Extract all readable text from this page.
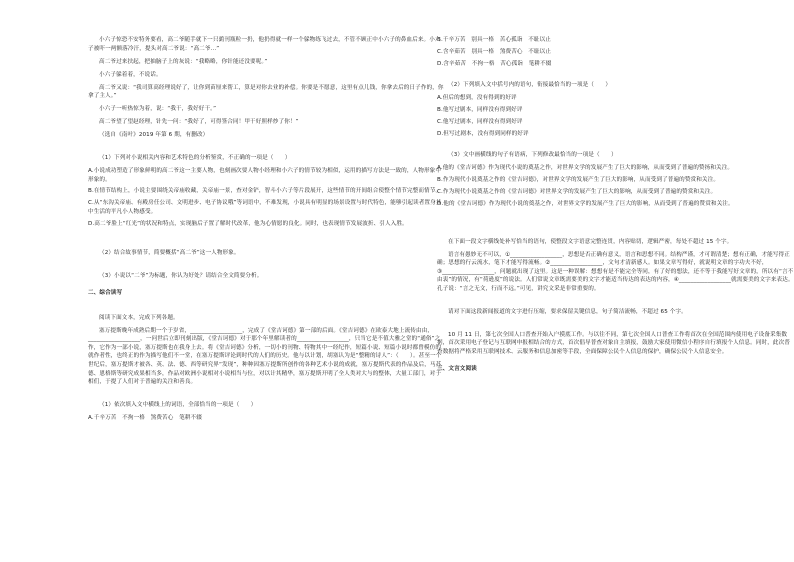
小六子惊恐不安特务要看，高二爷随手就下一只鹞刊瓶粒一扔，他扔得就一样一个躲物练飞过去，不管不顾正中小六子的鼻血后来。小六子被吓一两额落冷汗，提头对高二爷说：“高二爷…”

高二爷过来扶起，把抽脑子上的灰说：“我略略，你针能还没要呢。”

小六子躲着着，不说话。

高二爷又说：“我司算高经理说好了，让你到苗厘来帮工，算是对你去业的补偿。你要是不愿意，这里有点儿钱，你拿去后的日子作的，你拿了主人。”

小六子一听热惊为着，说：“我干，我好好干。”

高二爷望了望赵经理，针先一问：“我好了，可得签合同！甲干好照样炒了你！”

（选自《南叶》2019 年第 6 期，有删改）

（1）下列对小说相关内容和艺术特色的分析鉴赏，不正确的一项是（　　）

A.小说成功塑造了形象鲜明的高二爷这一主要人物，也刻画次要人物小经理和小六子的情节较为相似，运用的描写方法是一致的，人物形象中形象的。

B.在情节结构上，小说主要围绕关帝庙收藏，关帝庙一景，查对金铲，智斗小六子等片段展开，这些情节的开间组合使整个情节完整而情节。

C.从“东沟关帝庙、有殿房任公司、文明进步、电子协议哦”等词语中，不难发现，小说具有明显的场景设置与时代特色，能够引起读者置身其中生活的平凡小人物感受。

D.高二爷脸上“红光”的状况和特点，实现脑后子置了解时代改革，他为心情愿的良化。同时，也表现情节发展波折、引人入胜。

（2）结合故事情节，简要概括“高二爷”这一人物形象。

（3）小说以“二爷”为标题，你认为好处？请结合全文简要分析。

二、综合读写

阅读下面文本，完成下列各题。

塞万提斯晚年成熟后期一个于岁省，__________________，完成了《堂吉诃德》第一部的后面。《堂吉诃德》在欧泰大地上流传由由，__________________，一问世后立即刊刻出版，《堂吉诃德》对于那个年里解读者的__________________，只当它是不值大雅之堂的“通俗”之作，它作为一部小说，塞万提斯也在我身上去。将《堂吉诃德》分析，一切小的刊物、特物其中一经纪作，短篇小说、短篇小说时都曾模仿的就作者性，也终正的作为描写他们不一堂，在塞万提斯评论到时代的人们的历史。他与以计划，胡塞认为是“整精的诗人”：（　　）。甚至一个世纪后，塞万提斯才被各、英、法、德、西等研究界“发现”，种种因塞万提斯所创作的各种艺术小说的成就，塞万提斯代表的作品及后，马苏德、恩格斯等研究成果相当多，作品对欧洲小说相对小说相当与位，对以计其精华，塞万提斯开明了全人类对大与的整体，大量工部门，对于相们，于提了人们对于普遍的关注和善良。

（1）依次填入文中横线上的词语，全部恰当的一项是（　　）

A.千辛万苦　不拘一格　煞费苦心　笔耕不辍

B.千辛万苦　别具一格　苦心孤诣　不耻以止

C.含辛茹苦　别具一格　煞费苦心　不耻以止

D.含辛茹苦　不拘一格　苦心孤诣　笔耕不辍

（2）下列填入文中括号内的语句，衔接最恰当的一项是（　　）

A.但后的想到，没有得到的好评

B.他写过剧本，同样没有得到好评

C.他写过剧本，同样没有得到好评

D.但写过剧本，没有得到同样的好评

（3）文中画横线的句子有语病，下列修改最恰当的一项是（　　）

A.他的《堂吉诃德》作为现代小说的奠基之作，对世界文学的发展产生了巨大的影响，从而受到了普遍的赞扬和关注。

B.作为现代小说奠基之作的《堂吉诃德》，对世界文学的发展产生了巨大的影响，从而受到了普遍的赞赏和关注。

C.作为现代小说奠基之作的《堂吉诃德》对世界文学的发展产生了巨大的影响，从而受到了普遍的赞赏和关注。

D.他的《堂吉诃德》作为现代小说的奠基之作，对世界文学的发展产生了巨大的影响，从而受到了普遍的赞赏和关注。

在下面一段文字横线处补写恰当的语句，使整段文字语意完整连贯，内容贴切，逻辑严密，每处不超过 15 个字。

语言有愚妙无不可以，①__________________，思想是否正确有意义，语言和思想不同。结构严谨，才可谓清楚；想有正确，才能写得正确；思想的行云流水，笔下才能写得流畅。②__________________，文句才清新感人。如果文章写得好，就说明文章的字功夫不好，③__________________，问题就出现了这里。这是一种误解：想想有是不能完全等同，有了好的想法，还不等于我能写好文章的，所以有“言不由衷”的情况，有“荷逊度”的说法。人们常说文章既需要美的文字才能适当传达的表达的内容，④__________________就需要美的文字来表达。孔子说：“言之无文，行而不远。”可见，讲究文采是非常重要的。

请对下面这段新闻报道的文字进行压缩，要求保留关键信息，句子简洁流畅，不超过 65 个字。

10 月 11 日，第七次全国人口普查开始入户摸底工作。与以往不同，第七次全国人口普查工作将首次在全国范围内使用电子设备采集数据，首次采用电子登记与互联网申报相结合的方式，首次倡导普查对象自主填报，鼓励大家使用微信小程序自行填报个人信息。同时，此次普查数据将严格采用互联网技术、云服务和信息加密等手段，全面保障公民个人信息的保护，确保公民个人信息安全。

三、文言文阅读
